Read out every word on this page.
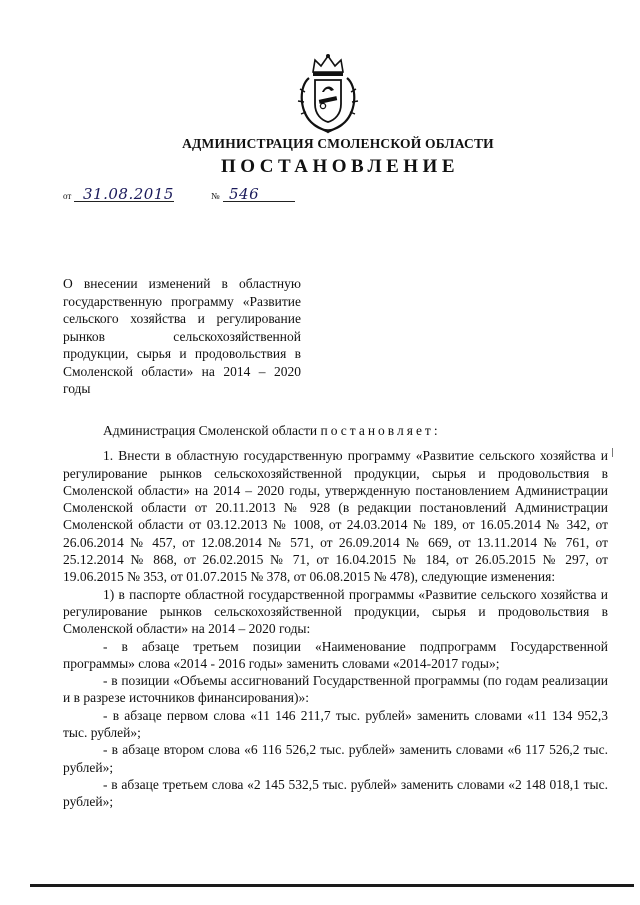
АДМИНИСТРАЦИЯ СМОЛЕНСКОЙ ОБЛАСТИ
ПОСТАНОВЛЕНИЕ
от 31.08.2015	№ 546
О внесении изменений в областную государственную программу «Развитие сельского хозяйства и регулирование рынков сельскохозяйственной продукции, сырья и продовольствия в Смоленской области» на 2014 – 2020 годы

Администрация Смоленской области постановляет:

1. Внести в областную государственную программу «Развитие сельского хозяйства и регулирование рынков сельскохозяйственной продукции, сырья и продовольствия в Смоленской области» на 2014 – 2020 годы, утвержденную постановлением Администрации Смоленской области от 20.11.2013 № 928 (в редакции постановлений Администрации Смоленской области от 03.12.2013 № 1008, от 24.03.2014 № 189, от 16.05.2014 № 342, от 26.06.2014 № 457, от 12.08.2014 № 571, от 26.09.2014 № 669, от 13.11.2014 № 761, от 25.12.2014 № 868, от 26.02.2015 № 71, от 16.04.2015 № 184, от 26.05.2015 № 297, от 19.06.2015 № 353, от 01.07.2015 № 378, от 06.08.2015 № 478), следующие изменения:

1) в паспорте областной государственной программы «Развитие сельского хозяйства и регулирование рынков сельскохозяйственной продукции, сырья и продовольствия в Смоленской области» на 2014 – 2020 годы:

- в абзаце третьем позиции «Наименование подпрограмм Государственной программы» слова «2014 - 2016 годы» заменить словами «2014-2017 годы»;

- в позиции «Объемы ассигнований Государственной программы (по годам реализации и в разрезе источников финансирования)»:

- в абзаце первом слова «11 146 211,7 тыс. рублей» заменить словами «11 134 952,3 тыс. рублей»;

- в абзаце втором слова «6 116 526,2 тыс. рублей» заменить словами «6 117 526,2 тыс. рублей»;

- в абзаце третьем слова «2 145 532,5 тыс. рублей» заменить словами «2 148 018,1 тыс. рублей»;
